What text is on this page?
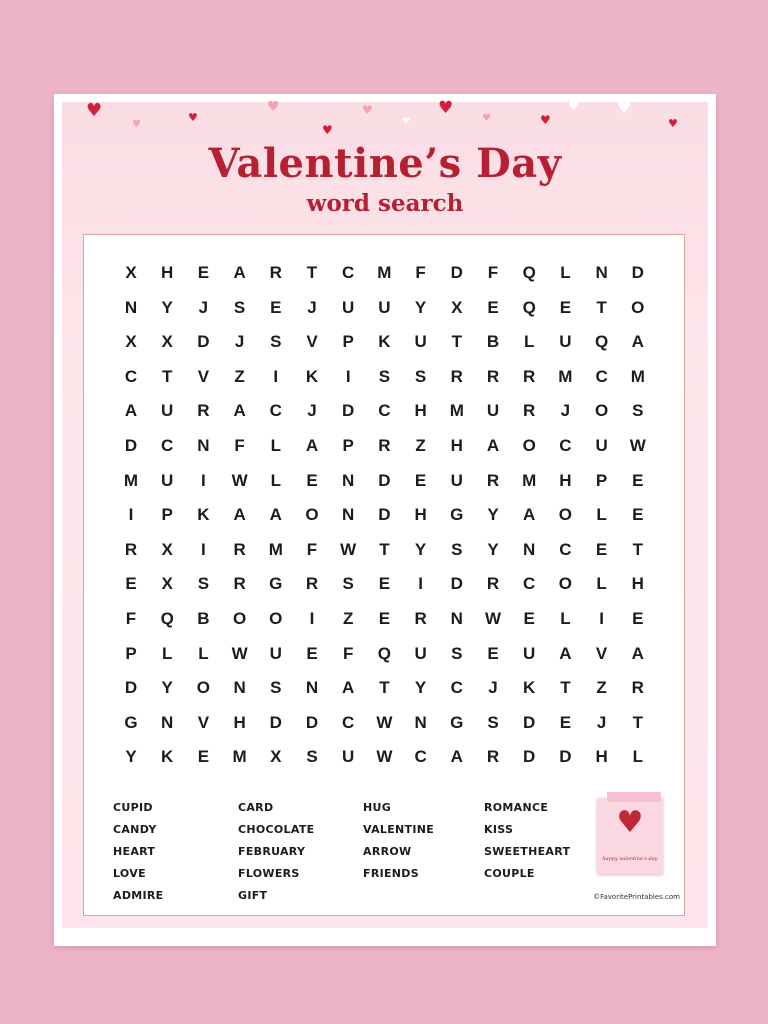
♥
♥
♥
♥
♥
♥
♥
♥
♥	♥
♥ ♥
♥
Valentine’s Day
word search
X	H	E	A	R	T	C	M	F	D	F	Q	L	N	D
N	Y	J	S	E	J	U	U	Y	X	E	Q	E	T	O
X	X	D	J	S	V	P	K	U	T	B	L	U	Q	A
C	T	V	Z	I	K	I	S	S	R	R	R	M	C	M
A	U	R	A	C	J	D	C	H	M	U	R	J	O	S
D	C	N	F	L	A	P	R	Z	H	A	O	C	U	W
M	U	I	W	L	E	N	D	E	U	R	M	H	P	E
I	P	K	A	A	O	N	D	H	G	Y	A	O	L	E
R	X	I	R	M	F	W	T	Y	S	Y	N	C	E	T
E	X	S	R	G	R	S	E	I	D	R	C	O	L	H
F	Q	B	O	O	I	Z	E	R	N	W	E	L	I	E
P	L	L	W	U	E	F	Q	U	S	E	U	A	V	A
D	Y	O	N	S	N	A	T	Y	C	J	K	T	Z	R
G	N	V	H	D	D	C	W	N	G	S	D	E	J	T
Y	K	E	M	X	S	U	W	C	A	R	D	D	H	L
CUPID
CANDY
HEART
LOVE
ADMIRE
CARD
CHOCOLATE
FEBRUARY
FLOWERS
GIFT
HUG
VALENTINE
ARROW
FRIENDS
ROMANCE
KISS
SWEETHEART
COUPLE
♥
happy valentine’s day
©FavoritePrintables.com
